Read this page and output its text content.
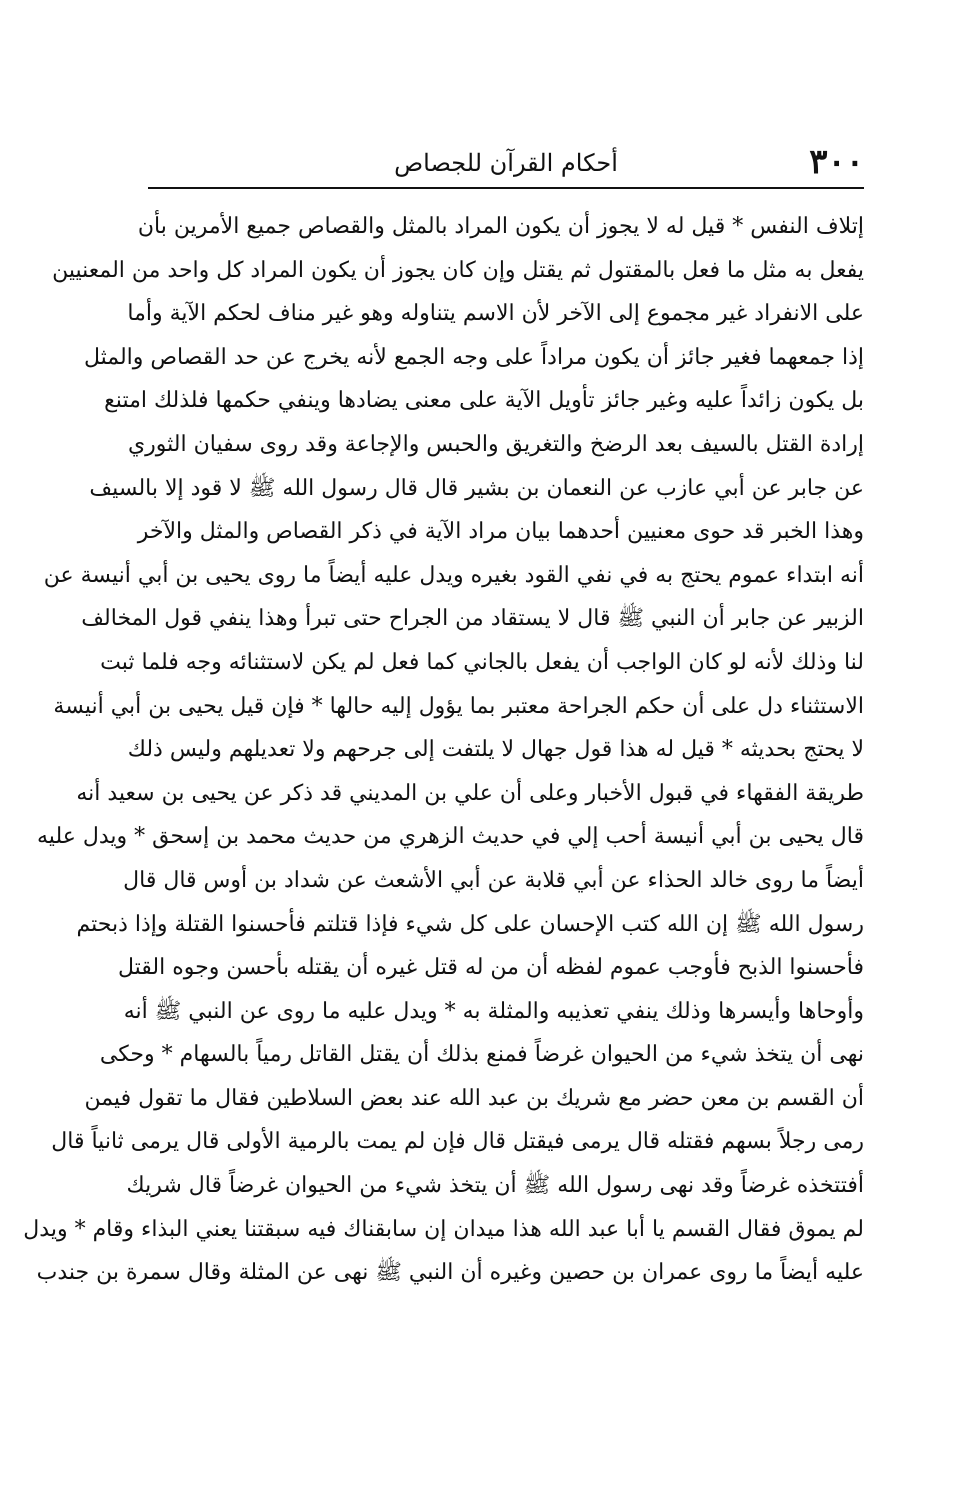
٣٠٠
أحكام القرآن للجصاص
إتلاف النفس * قيل له لا يجوز أن يكون المراد بالمثل والقصاص جميع الأمرين بأن
يفعل به مثل ما فعل بالمقتول ثم يقتل وإن كان يجوز أن يكون المراد كل واحد من المعنيين
على الانفراد غير مجموع إلى الآخر لأن الاسم يتناوله وهو غير مناف لحكم الآية وأما
إذا جمعهما فغير جائز أن يكون مراداً على وجه الجمع لأنه يخرج عن حد القصاص والمثل
بل يكون زائداً عليه وغير جائز تأويل الآية على معنى يضادها وينفي حكمها فلذلك امتنع
إرادة القتل بالسيف بعد الرضخ والتغريق والحبس والإجاعة وقد روى سفيان الثوري
عن جابر عن أبي عازب عن النعمان بن بشير قال قال رسول الله ﷺ لا قود إلا بالسيف
وهذا الخبر قد حوى معنيين أحدهما بيان مراد الآية في ذكر القصاص والمثل والآخر
أنه ابتداء عموم يحتج به في نفي القود بغيره ويدل عليه أيضاً ما روى يحيى بن أبي أنيسة عن
الزبير عن جابر أن النبي ﷺ قال لا يستقاد من الجراح حتى تبرأ وهذا ينفي قول المخالف
لنا وذلك لأنه لو كان الواجب أن يفعل بالجاني كما فعل لم يكن لاستثنائه وجه فلما ثبت
الاستثناء دل على أن حكم الجراحة معتبر بما يؤول إليه حالها * فإن قيل يحيى بن أبي أنيسة
لا يحتج بحديثه * قيل له هذا قول جهال لا يلتفت إلى جرحهم ولا تعديلهم وليس ذلك
طريقة الفقهاء في قبول الأخبار وعلى أن علي بن المديني قد ذكر عن يحيى بن سعيد أنه
قال يحيى بن أبي أنيسة أحب إلي في حديث الزهري من حديث محمد بن إسحق * ويدل عليه
أيضاً ما روى خالد الحذاء عن أبي قلابة عن أبي الأشعث عن شداد بن أوس قال قال
رسول الله ﷺ إن الله كتب الإحسان على كل شيء فإذا قتلتم فأحسنوا القتلة وإذا ذبحتم
فأحسنوا الذبح فأوجب عموم لفظه أن من له قتل غيره أن يقتله بأحسن وجوه القتل
وأوحاها وأيسرها وذلك ينفي تعذيبه والمثلة به * ويدل عليه ما روى عن النبي ﷺ أنه
نهى أن يتخذ شيء من الحيوان غرضاً فمنع بذلك أن يقتل القاتل رمياً بالسهام * وحكى
أن القسم بن معن حضر مع شريك بن عبد الله عند بعض السلاطين فقال ما تقول فيمن
رمى رجلاً بسهم فقتله قال يرمى فيقتل قال فإن لم يمت بالرمية الأولى قال يرمى ثانياً قال
أفتتخذه غرضاً وقد نهى رسول الله ﷺ أن يتخذ شيء من الحيوان غرضاً قال شريك
لم يموق فقال القسم يا أبا عبد الله هذا ميدان إن سابقناك فيه سبقتنا يعني البذاء وقام * ويدل
عليه أيضاً ما روى عمران بن حصين وغيره أن النبي ﷺ نهى عن المثلة وقال سمرة بن جندب
